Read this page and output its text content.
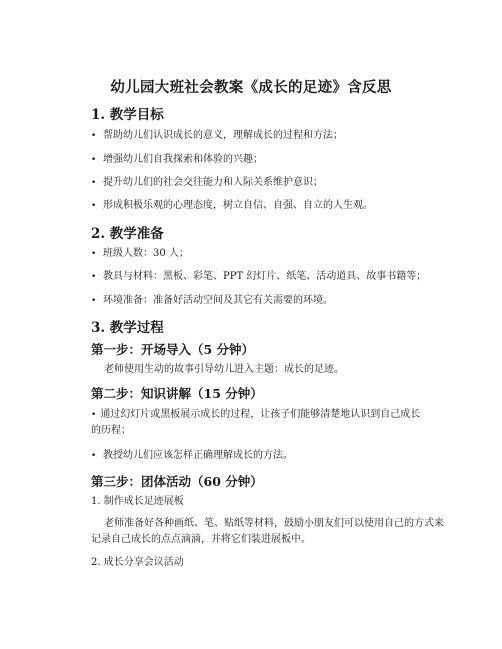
幼儿园大班社会教案《成长的足迹》含反思
1. 教学目标
• 帮助幼儿们认识成长的意义，理解成长的过程和方法；
• 增强幼儿们自我探索和体验的兴趣；
• 提升幼儿们的社会交往能力和人际关系维护意识；
• 形成积极乐观的心理态度，树立自信、自强、自立的人生观。
2. 教学准备
• 班级人数：30 人；
• 教具与材料：黑板、彩笔、PPT 幻灯片、纸笔、活动道具、故事书籍等；
• 环境准备：准备好活动空间及其它有关需要的环境。
3. 教学过程
第一步：开场导入（5 分钟）
老师使用生动的故事引导幼儿进入主题：成长的足迹。
第二步：知识讲解（15 分钟）
• 通过幻灯片或黑板展示成长的过程，让孩子们能够清楚地认识到自己成长的历程；
• 教授幼儿们应该怎样正确理解成长的方法。
第三步：团体活动（60 分钟）
1. 制作成长足迹展板
老师准备好各种画纸、笔、贴纸等材料，鼓励小朋友们可以使用自己的方式来
记录自己成长的点点滴滴，并将它们装进展板中。
2. 成长分享会议活动
